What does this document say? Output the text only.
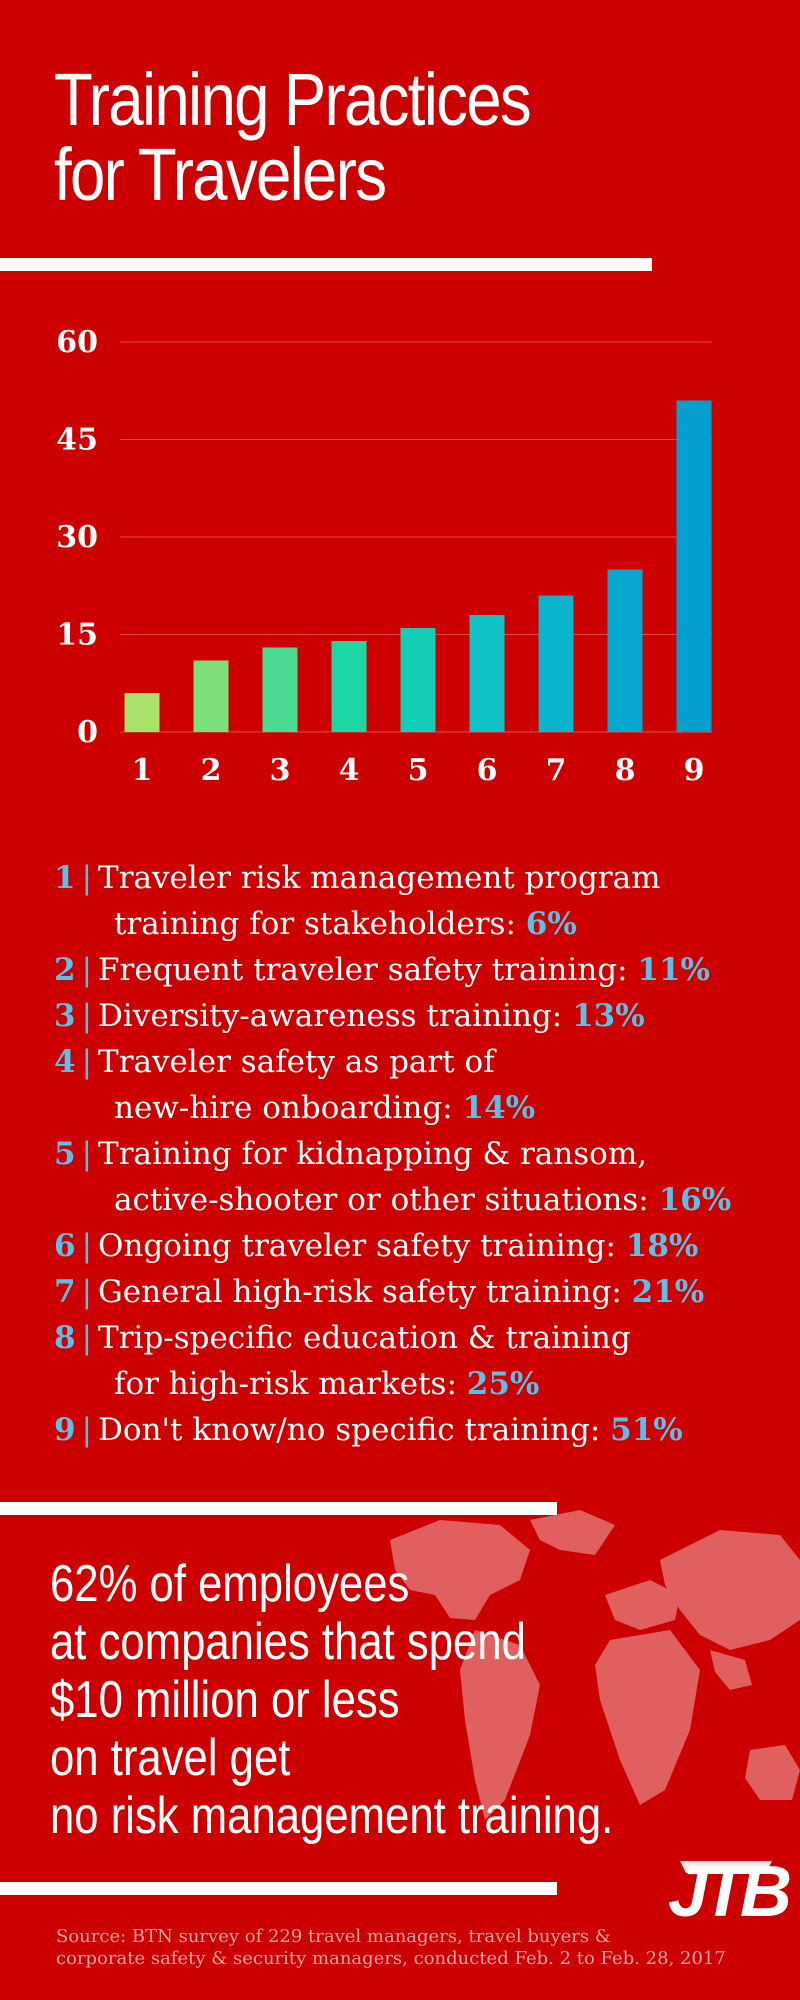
Training Practices
for Travelers
0
15
30
45
60
1 2 3 4 5 6 7 8 9
1 | Traveler risk management program
training for stakeholders: 6%
2 | Frequent traveler safety training: 11%
3 | Diversity-awareness training: 13%
4 | Traveler safety as part of
new-hire onboarding: 14%
5 | Training for kidnapping & ransom,
active-shooter or other situations: 16%
6 | Ongoing traveler safety training: 18%
7 | General high-risk safety training: 21%
8 | Trip-specific education & training
for high-risk markets: 25%
9 | Don't know/no specific training: 51%
62% of employees
at companies that spend
$10 million or less
on travel get
no risk management training.
JTB
Source: BTN survey of 229 travel managers, travel buyers &
corporate safety & security managers, conducted Feb. 2 to Feb. 28, 2017
